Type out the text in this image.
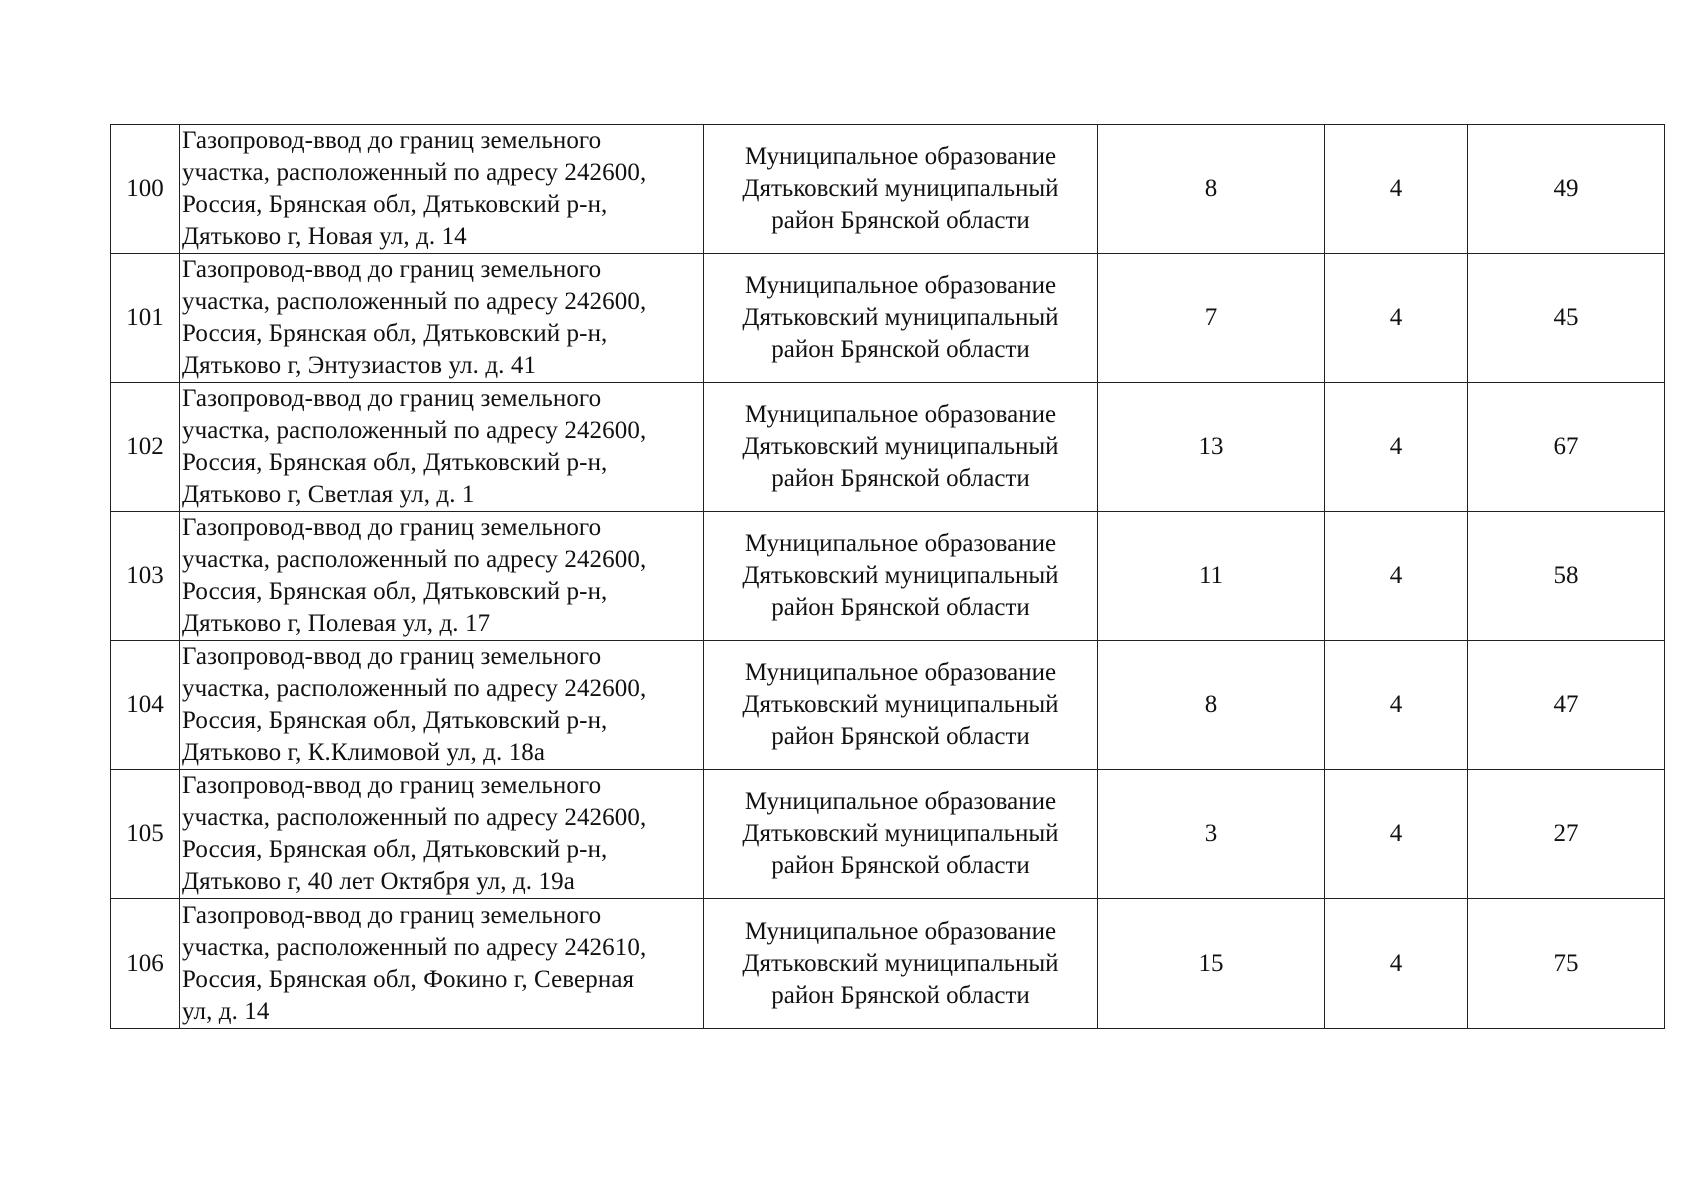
100	Газопровод-ввод до границ земельного
участка, расположенный по адресу 242600,
Россия, Брянская обл, Дятьковский р-н,
Дятьково г, Новая ул, д. 14	Муниципальное образование
Дятьковский муниципальный
район Брянской области	8	4	49
101	Газопровод-ввод до границ земельного
участка, расположенный по адресу 242600,
Россия, Брянская обл, Дятьковский р-н,
Дятьково г, Энтузиастов ул. д. 41	Муниципальное образование
Дятьковский муниципальный
район Брянской области	7	4	45
102	Газопровод-ввод до границ земельного
участка, расположенный по адресу 242600,
Россия, Брянская обл, Дятьковский р-н,
Дятьково г, Светлая ул, д. 1	Муниципальное образование
Дятьковский муниципальный
район Брянской области	13	4	67
103	Газопровод-ввод до границ земельного
участка, расположенный по адресу 242600,
Россия, Брянская обл, Дятьковский р-н,
Дятьково г, Полевая ул, д. 17	Муниципальное образование
Дятьковский муниципальный
район Брянской области	11	4	58
104	Газопровод-ввод до границ земельного
участка, расположенный по адресу 242600,
Россия, Брянская обл, Дятьковский р-н,
Дятьково г, К.Климовой ул, д. 18а	Муниципальное образование
Дятьковский муниципальный
район Брянской области	8	4	47
105	Газопровод-ввод до границ земельного
участка, расположенный по адресу 242600,
Россия, Брянская обл, Дятьковский р-н,
Дятьково г, 40 лет Октября ул, д. 19а	Муниципальное образование
Дятьковский муниципальный
район Брянской области	3	4	27
106	Газопровод-ввод до границ земельного
участка, расположенный по адресу 242610,
Россия, Брянская обл, Фокино г, Северная
ул, д. 14	Муниципальное образование
Дятьковский муниципальный
район Брянской области	15	4	75
